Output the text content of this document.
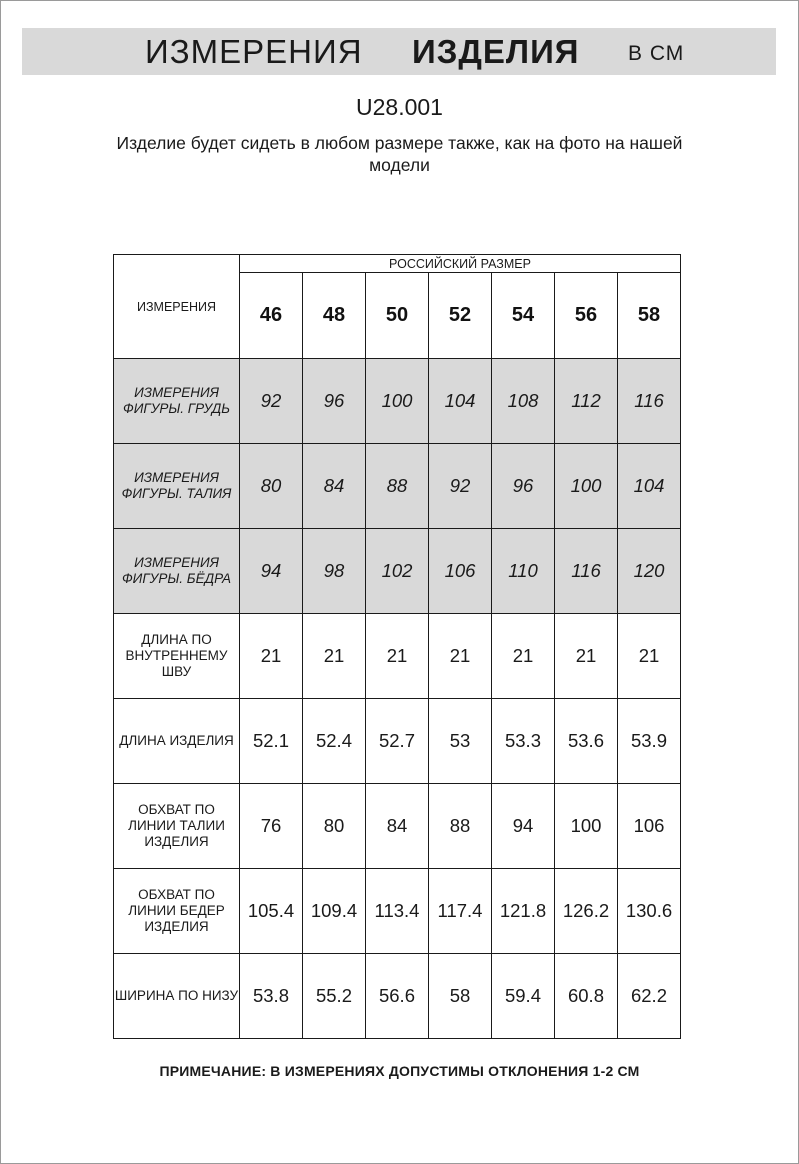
ИЗМЕРЕНИЯ ИЗДЕЛИЯ В СМ
U28.001
Изделие будет сидеть в любом размере также, как на фото на нашей модели
ИЗМЕРЕНИЯ	РОССИЙСКИЙ РАЗМЕР						
	46	48	50	52	54	56	58
ИЗМЕРЕНИЯ ФИГУРЫ. ГРУДЬ	92	96	100	104	108	112	116
ИЗМЕРЕНИЯ ФИГУРЫ. ТАЛИЯ	80	84	88	92	96	100	104
ИЗМЕРЕНИЯ ФИГУРЫ. БЁДРА	94	98	102	106	110	116	120
ДЛИНА ПО ВНУТРЕННЕМУ ШВУ	21	21	21	21	21	21	21
ДЛИНА ИЗДЕЛИЯ	52.1	52.4	52.7	53	53.3	53.6	53.9
ОБХВАТ ПО ЛИНИИ ТАЛИИ ИЗДЕЛИЯ	76	80	84	88	94	100	106
ОБХВАТ ПО ЛИНИИ БЕДЕР ИЗДЕЛИЯ	105.4	109.4	113.4	117.4	121.8	126.2	130.6
ШИРИНА ПО НИЗУ	53.8	55.2	56.6	58	59.4	60.8	62.2
ПРИМЕЧАНИЕ: В ИЗМЕРЕНИЯХ ДОПУСТИМЫ ОТКЛОНЕНИЯ 1-2 СМ
